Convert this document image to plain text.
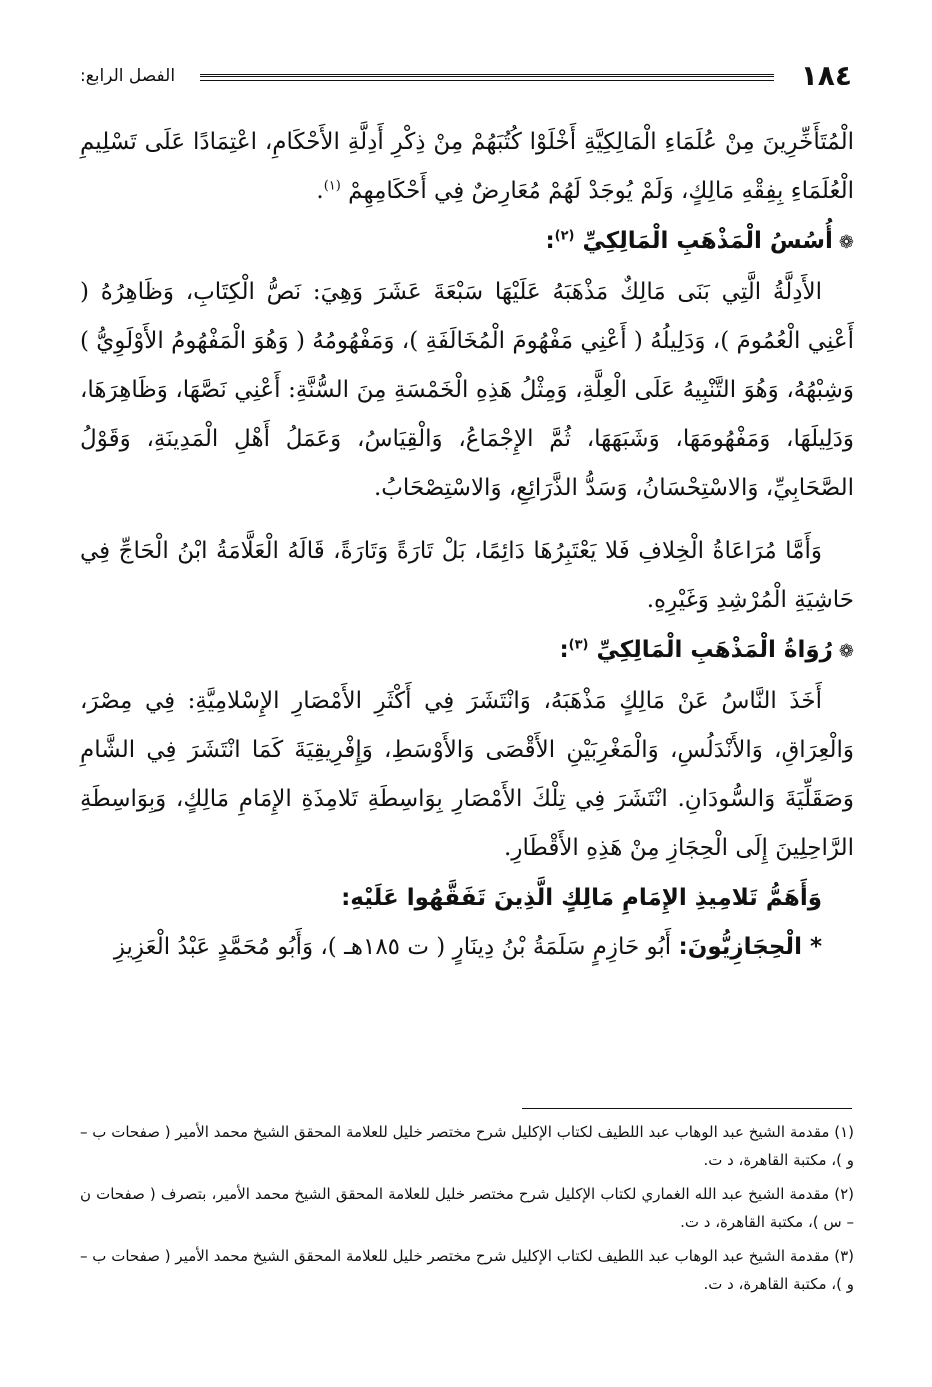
١٨٤
الفصل الرابع:

الْمُتَأَخِّرِينَ مِنْ عُلَمَاءِ الْمَالِكِيَّةِ أَخْلَوْا كُتُبَهُمْ مِنْ ذِكْرِ أَدِلَّةِ الأَحْكَامِ، اعْتِمَادًا عَلَى تَسْلِيمِ الْعُلَمَاءِ بِفِقْهِ مَالِكٍ، وَلَمْ يُوجَدْ لَهُمْ مُعَارِضٌ فِي أَحْكَامِهِمْ $^{(١)}$.

❁أُسُسُ الْمَذْهَبِ الْمَالِكِيِّ $^{(٢)}$:

الأَدِلَّةُ الَّتِي بَنَى مَالِكٌ مَذْهَبَهُ عَلَيْهَا سَبْعَةَ عَشَرَ وَهِيَ: نَصُّ الْكِتَابِ، وَظَاهِرُهُ ( أَعْنِي الْعُمُومَ )، وَدَلِيلُهُ ( أَعْنِي مَفْهُومَ الْمُخَالَفَةِ )، وَمَفْهُومُهُ ( وَهُوَ الْمَفْهُومُ الأَوْلَوِيُّ ) وَشِبْهُهُ، وَهُوَ التَّنْبِيهُ عَلَى الْعِلَّةِ، وَمِثْلُ هَذِهِ الْخَمْسَةِ مِنَ السُّنَّةِ: أَعْنِي نَصَّهَا، وَظَاهِرَهَا، وَدَلِيلَهَا، وَمَفْهُومَهَا، وَشَبَهَهَا، ثُمَّ الإِجْمَاعُ، وَالْقِيَاسُ، وَعَمَلُ أَهْلِ الْمَدِينَةِ، وَقَوْلُ الصَّحَابِيِّ، وَالاسْتِحْسَانُ، وَسَدُّ الذَّرَائِعِ، وَالاسْتِصْحَابُ.

وَأَمَّا مُرَاعَاةُ الْخِلافِ فَلا يَعْتَبِرُهَا دَائِمًا، بَلْ تَارَةً وَتَارَةً، قَالَهُ الْعَلَّامَةُ ابْنُ الْحَاجِّ فِي حَاشِيَةِ الْمُرْشِدِ وَغَيْرِهِ.

❁رُوَاةُ الْمَذْهَبِ الْمَالِكِيِّ $^{(٣)}$:

أَخَذَ النَّاسُ عَنْ مَالِكٍ مَذْهَبَهُ، وَانْتَشَرَ فِي أَكْثَرِ الأَمْصَارِ الإِسْلامِيَّةِ: فِي مِصْرَ، وَالْعِرَاقِ، وَالأَنْدَلُسِ، وَالْمَغْرِبَيْنِ الأَقْصَى وَالأَوْسَطِ، وَإِفْرِيقِيَةَ كَمَا انْتَشَرَ فِي الشَّامِ وَصَقَلِّيَةَ وَالسُّودَانِ. انْتَشَرَ فِي تِلْكَ الأَمْصَارِ بِوَاسِطَةِ تَلامِذَةِ الإِمَامِ مَالِكٍ، وَبِوَاسِطَةِ الرَّاحِلِينَ إِلَى الْحِجَازِ مِنْ هَذِهِ الأَقْطَارِ.

وَأَهَمُّ تَلامِيذِ الإِمَامِ مَالِكٍ الَّذِينَ تَفَقَّهُوا عَلَيْهِ:

* الْحِجَازِيُّونَ: أَبُو حَازِمٍ سَلَمَةُ بْنُ دِينَارٍ ( ت ١٨٥هـ )، وَأَبُو مُحَمَّدٍ عَبْدُ الْعَزِيزِ

(١) مقدمة الشيخ عبد الوهاب عبد اللطيف لكتاب الإكليل شرح مختصر خليل للعلامة المحقق الشيخ محمد الأمير ( صفحات ب – و )، مكتبة القاهرة، د ت.

(٢) مقدمة الشيخ عبد الله الغماري لكتاب الإكليل شرح مختصر خليل للعلامة المحقق الشيخ محمد الأمير، بتصرف ( صفحات ن – س )، مكتبة القاهرة، د ت.

(٣) مقدمة الشيخ عبد الوهاب عبد اللطيف لكتاب الإكليل شرح مختصر خليل للعلامة المحقق الشيخ محمد الأمير ( صفحات ب – و )، مكتبة القاهرة، د ت.
